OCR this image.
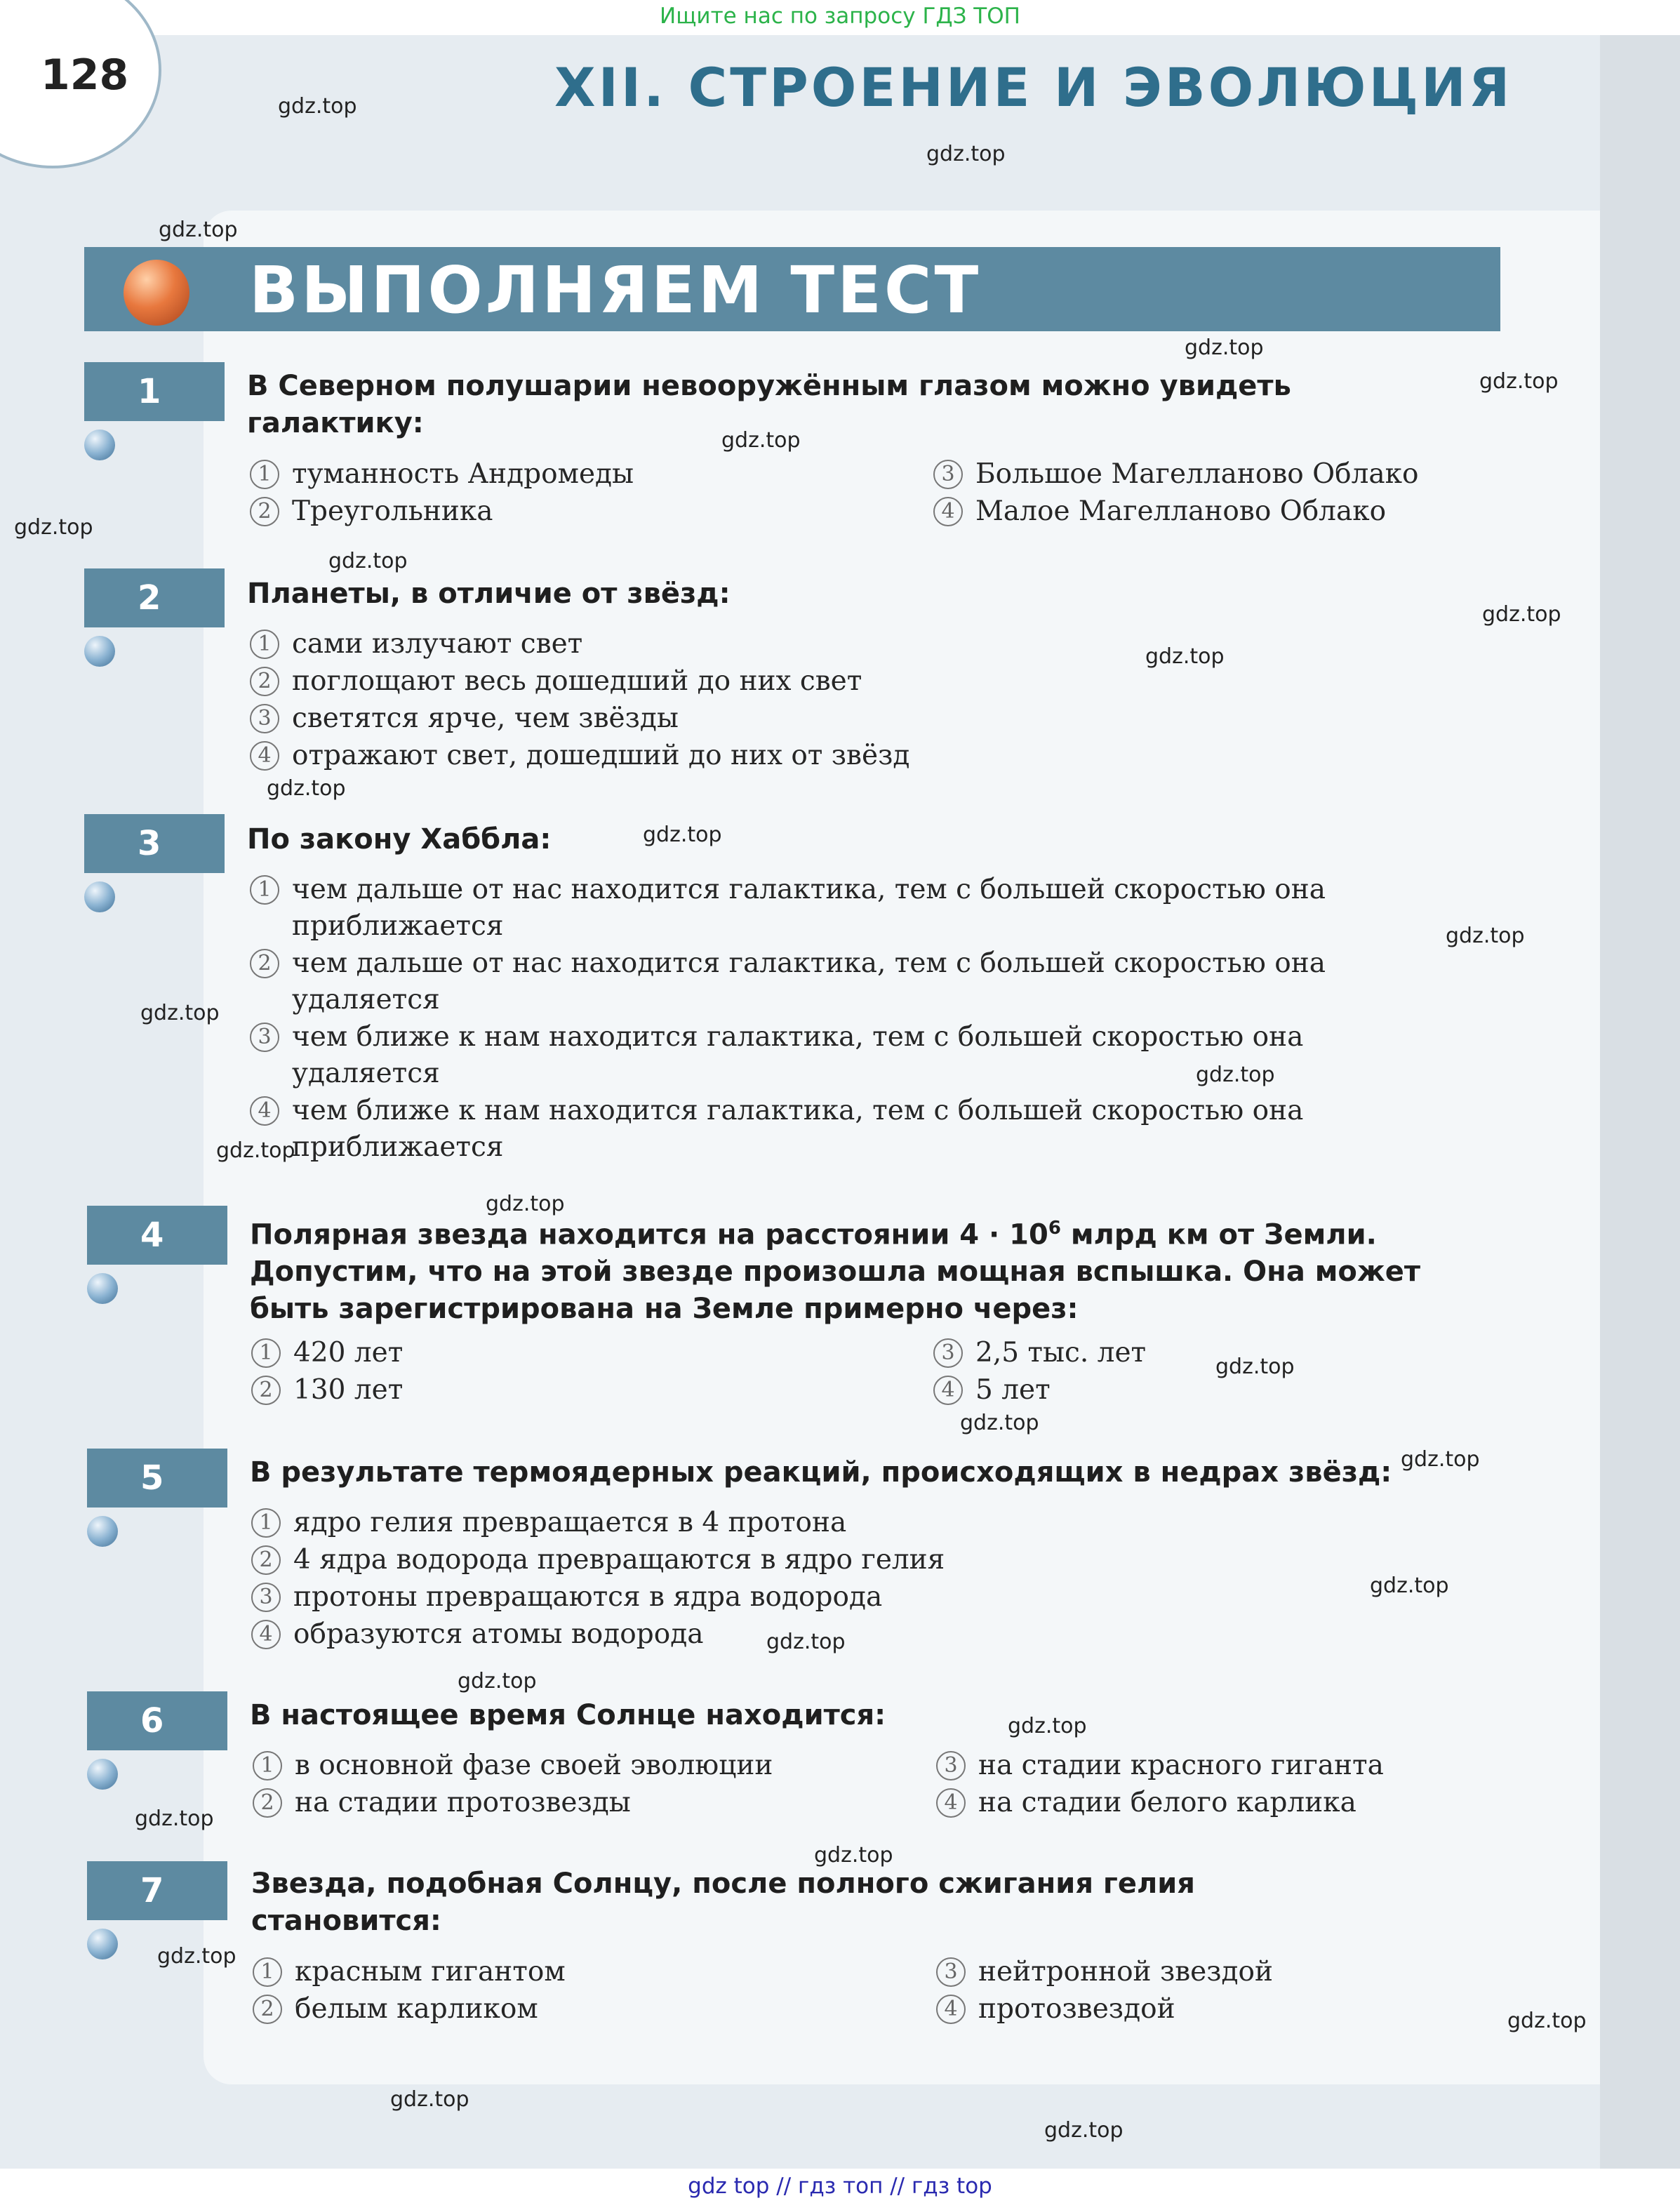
Ищите нас по запросу ГДЗ ТОП
128	XII. СТРОЕНИЕ И ЭВОЛЮЦИЯ
ВЫПОЛНЯЕМ ТЕСТ
1	В Северном полушарии невооружённым глазом можно увидеть галактику:
1 туманность Андромеды
2 Треугольника
3 Большое Магелланово Облако
4 Малое Магелланово Облако
2	Планеты, в отличие от звёзд:
1 сами излучают свет
2 поглощают весь дошедший до них свет
3 светятся ярче, чем звёзды
4 отражают свет, дошедший до них от звёзд
3	По закону Хаббла:
1 чем дальше от нас находится галактика, тем с большей скоростью она приближается
2 чем дальше от нас находится галактика, тем с большей скоростью она удаляется
3 чем ближе к нам находится галактика, тем с большей скоростью она удаляется
4 чем ближе к нам находится галактика, тем с большей скоростью она приближается
4	Полярная звезда находится на расстоянии $4 \cdot 10^6$ млрд км от Земли. Допустим, что на этой звезде произошла мощная вспышка. Она может быть зарегистрирована на Земле примерно через:
1 420 лет
2 130 лет
3 2,5 тыс. лет
4 5 лет
5	В результате термоядерных реакций, происходящих в недрах звёзд:
1 ядро гелия превращается в 4 протона
2 4 ядра водорода превращаются в ядро гелия
3 протоны превращаются в ядра водорода
4 образуются атомы водорода
6	В настоящее время Солнце находится:
1 в основной фазе своей эволюции
2 на стадии протозвезды
3 на стадии красного гиганта
4 на стадии белого карлика
7	Звезда, подобная Солнцу, после полного сжигания гелия становится:
1 красным гигантом
2 белым карликом
3 нейтронной звездой
4 протозвездой
gdz.top
gdz.top
gdz.top
gdz.top
gdz.top
gdz.top
gdz.top
gdz.top
gdz.top
gdz.top
gdz.top
gdz.top
gdz.top
gdz.top
gdz.top
gdz.top
gdz.top
gdz.top
gdz.top
gdz.top
gdz.top
gdz.top
gdz.top
gdz.top
gdz.top
gdz.top
gdz.top
gdz.top
gdz.top
gdz.top
gdz top // гдз топ // гдз top
